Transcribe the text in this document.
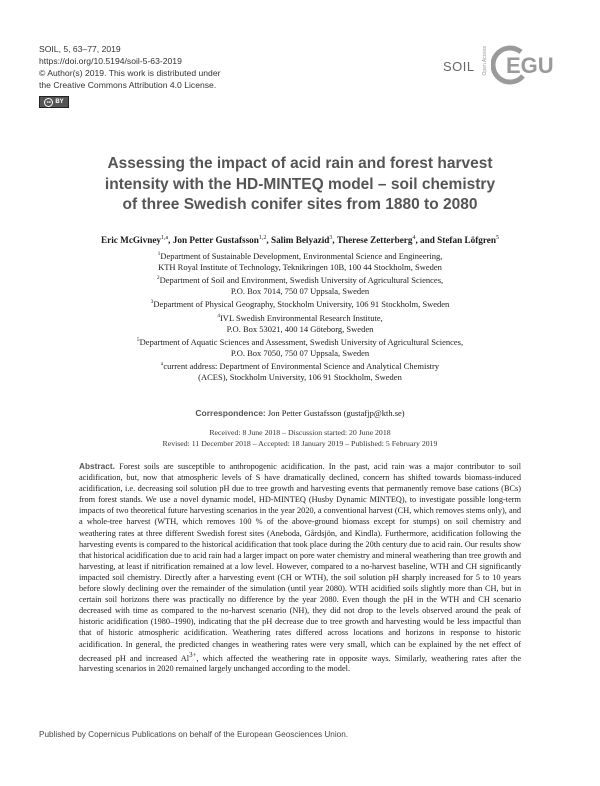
SOIL, 5, 63–77, 2019
https://doi.org/10.5194/soil-5-63-2019
© Author(s) 2019. This work is distributed under
the Creative Commons Attribution 4.0 License.
cc BY
SOIL Open Access EGU
Assessing the impact of acid rain and forest harvest
intensity with the HD-MINTEQ model – soil chemistry
of three Swedish conifer sites from 1880 to 2080
Eric McGivney$^{1,a}$, Jon Petter Gustafsson$^{1,2}$, Salim Belyazid$^3$, Therese Zetterberg$^4$, and Stefan Löfgren$^5$
$^1$Department of Sustainable Development, Environmental Science and Engineering,
KTH Royal Institute of Technology, Teknikringen 10B, 100 44 Stockholm, Sweden
$^2$Department of Soil and Environment, Swedish University of Agricultural Sciences,
P.O. Box 7014, 750 07 Uppsala, Sweden
$^3$Department of Physical Geography, Stockholm University, 106 91 Stockholm, Sweden
$^4$IVL Swedish Environmental Research Institute,
P.O. Box 53021, 400 14 Göteborg, Sweden
$^5$Department of Aquatic Sciences and Assessment, Swedish University of Agricultural Sciences,
P.O. Box 7050, 750 07 Uppsala, Sweden
$^a$current address: Department of Environmental Science and Analytical Chemistry
(ACES), Stockholm University, 106 91 Stockholm, Sweden
Correspondence: Jon Petter Gustafsson (gustafjp@kth.se)
Received: 8 June 2018 – Discussion started: 20 June 2018
Revised: 11 December 2018 – Accepted: 18 January 2019 – Published: 5 February 2019
Abstract. Forest soils are susceptible to anthropogenic acidification. In the past, acid rain was a major contributor to soil acidification, but, now that atmospheric levels of S have dramatically declined, concern has shifted towards biomass-induced acidification, i.e. decreasing soil solution pH due to tree growth and harvesting events that permanently remove base cations (BCs) from forest stands. We use a novel dynamic model, HD-MINTEQ (Husby Dynamic MINTEQ), to investigate possible long-term impacts of two theoretical future harvesting scenarios in the year 2020, a conventional harvest (CH, which removes stems only), and a whole-tree harvest (WTH, which removes 100 % of the above-ground biomass except for stumps) on soil chemistry and weathering rates at three different Swedish forest sites (Aneboda, Gårdsjön, and Kindla). Furthermore, acidification following the harvesting events is compared to the historical acidification that took place during the 20th century due to acid rain. Our results show that historical acidification due to acid rain had a larger impact on pore water chemistry and mineral weathering than tree growth and harvesting, at least if nitrification remained at a low level. However, compared to a no-harvest baseline, WTH and CH significantly impacted soil chemistry. Directly after a harvesting event (CH or WTH), the soil solution pH sharply increased for 5 to 10 years before slowly declining over the remainder of the simulation (until year 2080). WTH acidified soils slightly more than CH, but in certain soil horizons there was practically no difference by the year 2080. Even though the pH in the WTH and CH scenario decreased with time as compared to the no-harvest scenario (NH), they did not drop to the levels observed around the peak of historic acidification (1980–1990), indicating that the pH decrease due to tree growth and harvesting would be less impactful than that of historic atmospheric acidification. Weathering rates differed across locations and horizons in response to historic acidification. In general, the predicted changes in weathering rates were very small, which can be explained by the net effect of decreased pH and increased $Al^{3+}$, which affected the weathering rate in opposite ways. Similarly, weathering rates after the harvesting scenarios in 2020 remained largely unchanged according to the model.
Published by Copernicus Publications on behalf of the European Geosciences Union.
